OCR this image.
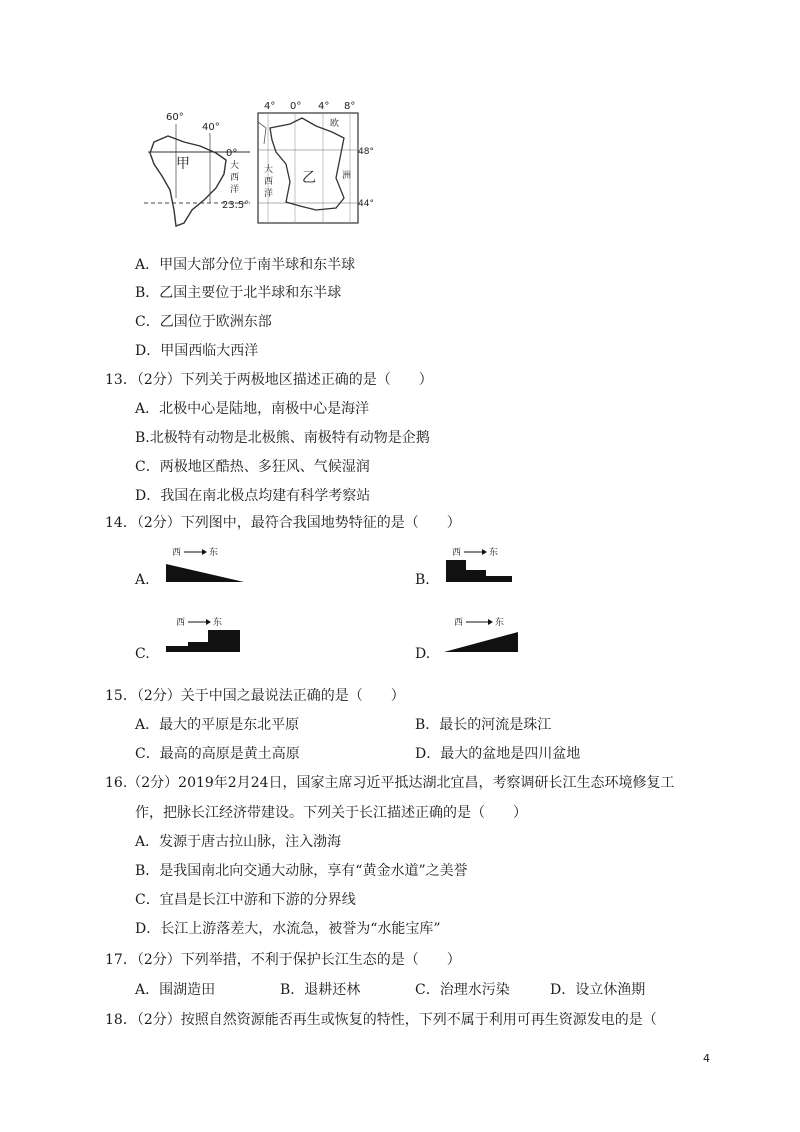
60°
40°
0°
甲	大
西
洋
23.5°
4° 0° 4° 8°
欧
48°
大
西
洋
乙	洲
44°
A．甲国大部分位于南半球和东半球
B．乙国主要位于北半球和东半球
C．乙国位于欧洲东部
D．甲国西临大西洋
13．（2分）下列关于两极地区描述正确的是（　　）
A．北极中心是陆地，南极中心是海洋
B.北极特有动物是北极熊、南极特有动物是企鹅
C．两极地区酷热、多狂风、气候湿润
D．我国在南北极点均建有科学考察站
14．（2分）下列图中，最符合我国地势特征的是（　　）
A.
西	东
B.
西	东
C.
西	东
D.
西	东
15．（2分）关于中国之最说法正确的是（　　）
A．最大的平原是东北平原	B．最长的河流是珠江
C．最高的高原是黄土高原	D．最大的盆地是四川盆地
16.（2分）2019年2月24日，国家主席习近平抵达湖北宜昌，考察调研长江生态环境修复工
作，把脉长江经济带建设。下列关于长江描述正确的是（　　）
A．发源于唐古拉山脉，注入渤海
B．是我国南北向交通大动脉，享有“黄金水道”之美誉
C．宜昌是长江中游和下游的分界线
D．长江上游落差大，水流急，被誉为“水能宝库”
17．（2分）下列举措，不利于保护长江生态的是（　　）
A．围湖造田	B．退耕还林	C．治理水污染	D．设立休渔期
18．（2分）按照自然资源能否再生或恢复的特性，下列不属于利用可再生资源发电的是（
4
